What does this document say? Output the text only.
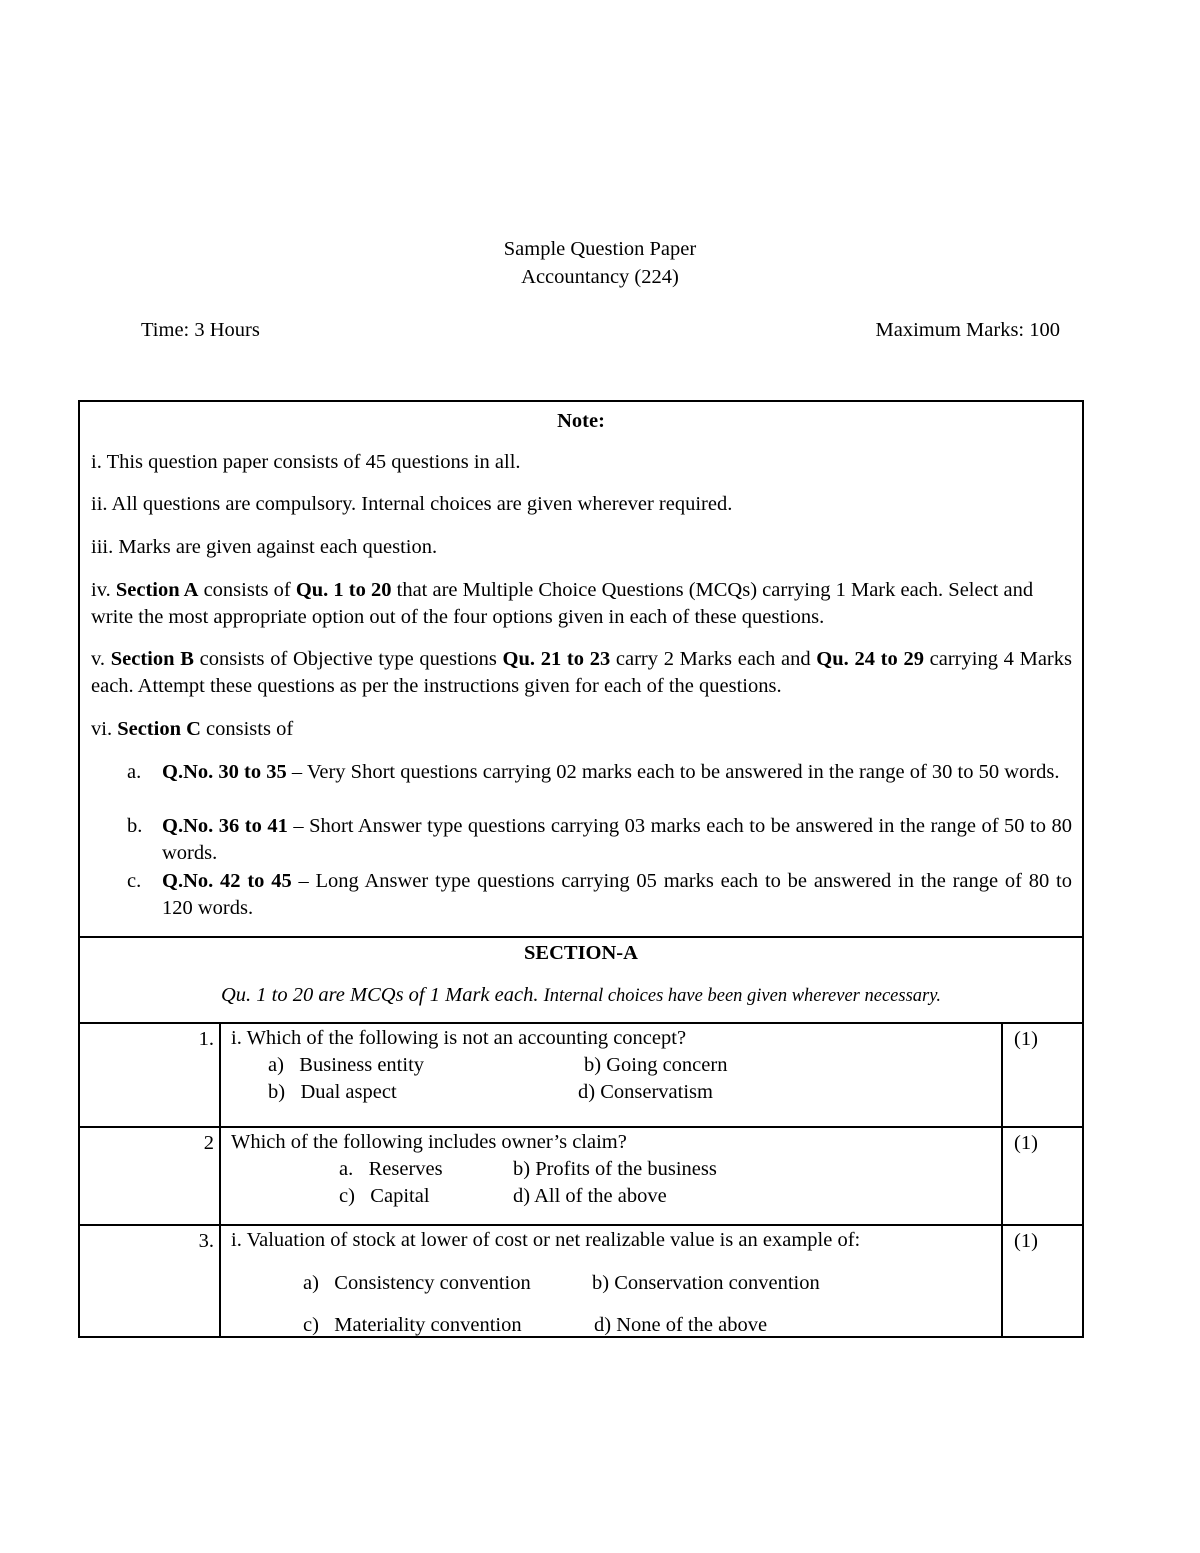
Sample Question Paper
Accountancy (224)
Time: 3 Hours	Maximum Marks: 100
Note:
i. This question paper consists of 45 questions in all.
ii. All questions are compulsory. Internal choices are given wherever required.
iii. Marks are given against each question.
iv. Section A consists of Qu. 1 to 20 that are Multiple Choice Questions (MCQs) carrying 1 Mark each. Select and write the most appropriate option out of the four options given in each of these questions.
v. Section B consists of Objective type questions Qu. 21 to 23 carry 2 Marks each and Qu. 24 to 29 carrying 4 Marks each. Attempt these questions as per the instructions given for each of the questions.
vi. Section C consists of
a. Q.No. 30 to 35 – Very Short questions carrying 02 marks each to be answered in the range of 30 to 50 words.
b. Q.No. 36 to 41 – Short Answer type questions carrying 03 marks each to be answered in the range of 50 to 80 words.
c. Q.No. 42 to 45 – Long Answer type questions carrying 05 marks each to be answered in the range of 80 to 120 words.
SECTION-A
Qu. 1 to 20 are MCQs of 1 Mark each. Internal choices have been given wherever necessary.
1. i. Which of the following is not an accounting concept?
a)   Business entity	b) Going concern
b)   Dual aspect	d) Conservatism
(1)
2 Which of the following includes owner’s claim?
a.   Reserves	b) Profits of the business
c)   Capital	d) All of the above
(1)
3. i. Valuation of stock at lower of cost or net realizable value is an example of:
a)   Consistency convention	b) Conservation convention
c)   Materiality convention	d) None of the above
(1)
